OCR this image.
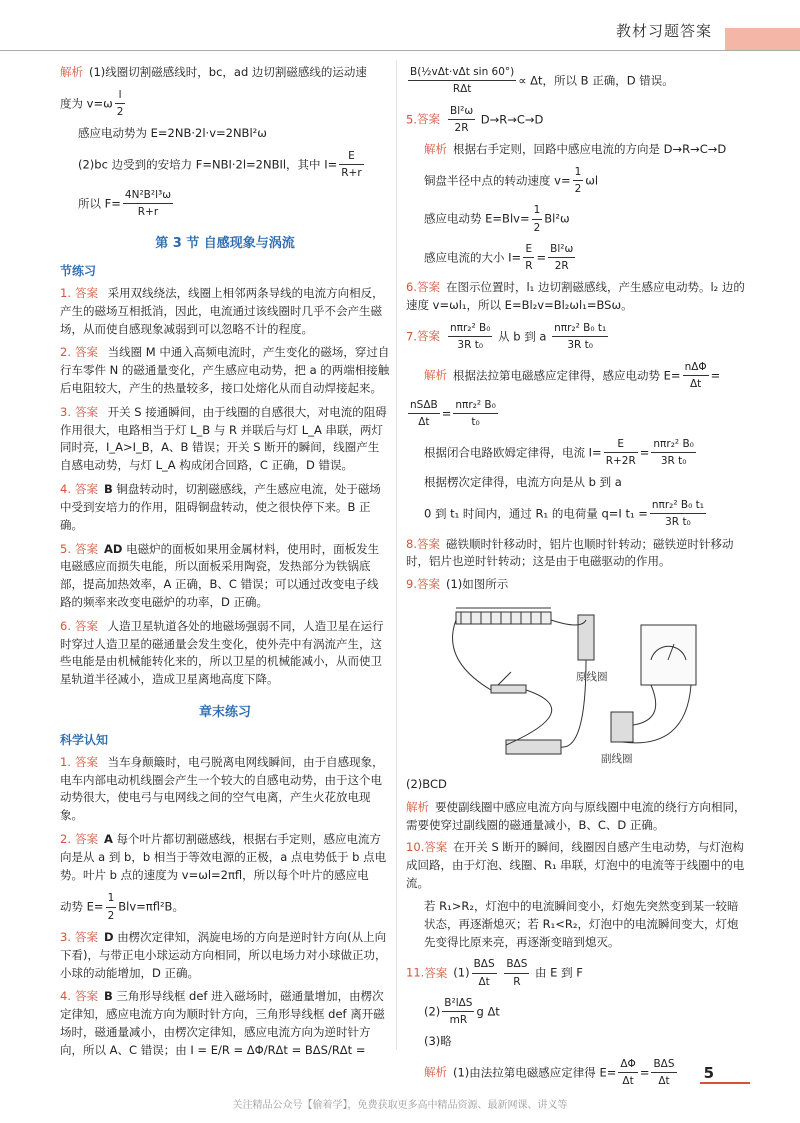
教材习题答案

解析 (1)线圈切割磁感线时，bc，ad 边切割磁感线的运动速

度为 $v=\omega \frac{l}{2}$

感应电动势为 E=2NB·2l·v=2NBl²ω

(2)bc 边受到的安培力 F=NBI·2l=2NBIl，其中 $I= \frac{E}{R+r}$

所以 $F= \frac{\text{4N²B²l³ω}}{R+r}$

第 3 节 自感现象与涡流
节练习

1. 答案 采用双线绕法，线圈上相邻两条导线的电流方向相反，产生的磁场互相抵消，因此，电流通过该线圈时几乎不会产生磁场，从而使自感现象减弱到可以忽略不计的程度。

2. 答案 当线圈 M 中通入高频电流时，产生变化的磁场，穿过自行车零件 N 的磁通量变化，产生感应电动势，把 a 的两端相接触后电阻较大，产生的热量较多，接口处熔化从而自动焊接起来。

3. 答案 开关 S 接通瞬间，由于线圈的自感很大，对电流的阻碍作用很大，电路相当于灯 L_B 与 R 并联后与灯 L_A 串联，两灯同时亮，I_A>I_B，A、B 错误；开关 S 断开的瞬间，线圈产生自感电动势，与灯 L_A 构成闭合回路，C 正确，D 错误。

4. 答案 B 铜盘转动时，切割磁感线，产生感应电流，处于磁场中受到安培力的作用，阻碍铜盘转动，使之很快停下来。B 正确。

5. 答案 AD 电磁炉的面板如果用金属材料，使用时，面板发生电磁感应而损失电能，所以面板采用陶瓷，发热部分为铁锅底部，提高加热效率，A 正确，B、C 错误；可以通过改变电子线路的频率来改变电磁炉的功率，D 正确。

6. 答案 人造卫星轨道各处的地磁场强弱不同，人造卫星在运行时穿过人造卫星的磁通量会发生变化，使外壳中有涡流产生，这些电能是由机械能转化来的，所以卫星的机械能减小，从而使卫星轨道半径减小，造成卫星离地高度下降。

章末练习
科学认知

1. 答案 当车身颠簸时，电弓脱离电网线瞬间，由于自感现象，电车内部电动机线圈会产生一个较大的自感电动势，由于这个电动势很大，使电弓与电网线之间的空气电离，产生火花放电现象。

2. 答案 A 每个叶片都切割磁感线，根据右手定则，感应电流方向是从 a 到 b，b 相当于等效电源的正极，a 点电势低于 b 点电势。叶片 b 点的速度为 v=ωl=2πfl，所以每个叶片的感应电

动势 $E= \frac{1}{2} Blv=\pi fl^2B$。

3. 答案 D 由楞次定律知，涡旋电场的方向是逆时针方向(从上向下看)，与带正电小球运动方向相同，所以电场力对小球做正功，小球的动能增加，D 正确。

4. 答案 B 三角形导线框 def 进入磁场时，磁通量增加，由楞次定律知，感应电流方向为顺时针方向，三角形导线框 def 离开磁场时，磁通量减小，由楞次定律知，感应电流方向为逆时针方向，所以 A、C 错误；由 I = E/R = ΔΦ/RΔt = BΔS/RΔt =

$\frac{\text{B(½vΔt·vΔt sin 60°)}}{\text{RΔt}} \propto \Delta t$，所以 B 正确，D 错误。

5.答案 $\frac{\text{Bl²ω}}{2R} D\to R\to C\to D$

解析 根据右手定则，回路中感应电流的方向是 D→R→C→D

铜盘半径中点的转动速度 $v= \frac{1}{2}$ ωl

感应电动势 $E=Blv= \frac{1}{2} Bl^2\omega$

感应电流的大小 $I= \frac{E}{R} = \frac{\text{Bl²ω}}{2R}$

6.答案 在图示位置时，l₁ 边切割磁感线，产生感应电动势。l₂ 边的速度 v=ωl₁，所以 E=Bl₂v=Bl₂ωl₁=BSω。

7.答案 $\frac{\text{nπr₂² B₀}}{\text{3R t₀}}$ 从 b 到 a $\frac{\text{nπr₂² B₀ t₁}}{\text{3R t₀}}$

解析 根据法拉第电磁感应定律得，感应电动势 $E= \frac{\text{nΔΦ}}{\Delta t}$ =

$\frac{\text{nSΔB}}{\Delta t} = \frac{\text{nπr₂² B₀}}{\text{t₀}}$

根据闭合电路欧姆定律得，电流 $I= \frac{E}{R+2R} = \frac{\text{nπr₂² B₀}}{\text{3R t₀}}$

根据楞次定律得，电流方向是从 b 到 a

0 到 t₁ 时间内，通过 R₁ 的电荷量 q=I $t_1 = \frac{\text{nπr₂² B₀ t₁}}{\text{3R t₀}}$

8.答案 磁铁顺时针移动时，铝片也顺时针转动；磁铁逆时针移动时，铝片也逆时针转动；这是由于电磁驱动的作用。

9.答案 (1)如图所示

原线圈
副线圈

(2)BCD

解析 要使副线圈中感应电流方向与原线圈中电流的绕行方向相同，需要使穿过副线圈的磁通量减小，B、C、D 正确。

10.答案 在开关 S 断开的瞬间，线圈因自感产生电动势，与灯泡构成回路，由于灯泡、线圈、R₁ 串联，灯泡中的电流等于线圈中的电流。

若 R₁>R₂，灯泡中的电流瞬间变小，灯炮先突然变到某一较暗状态，再逐渐熄灭；若 R₁<R₂，灯泡中的电流瞬间变大，灯炮先变得比原来亮，再逐渐变暗到熄灭。

11.答案 $(1) \frac{\text{BΔS}}{\Delta t}$
$\frac{\text{BΔS}}{R}$ 由 E 到 F

$(2) \frac{\text{B²lΔS}}{mR}$ g Δt

(3)略

解析 (1)由法拉第电磁感应定律得 $E= \frac{\Delta\Phi}{\Delta t} = \frac{\text{BΔS}}{\Delta t} 5$
关注精品公众号【偷着学】，免费获取更多高中精品资源、最新网课、讲义等
